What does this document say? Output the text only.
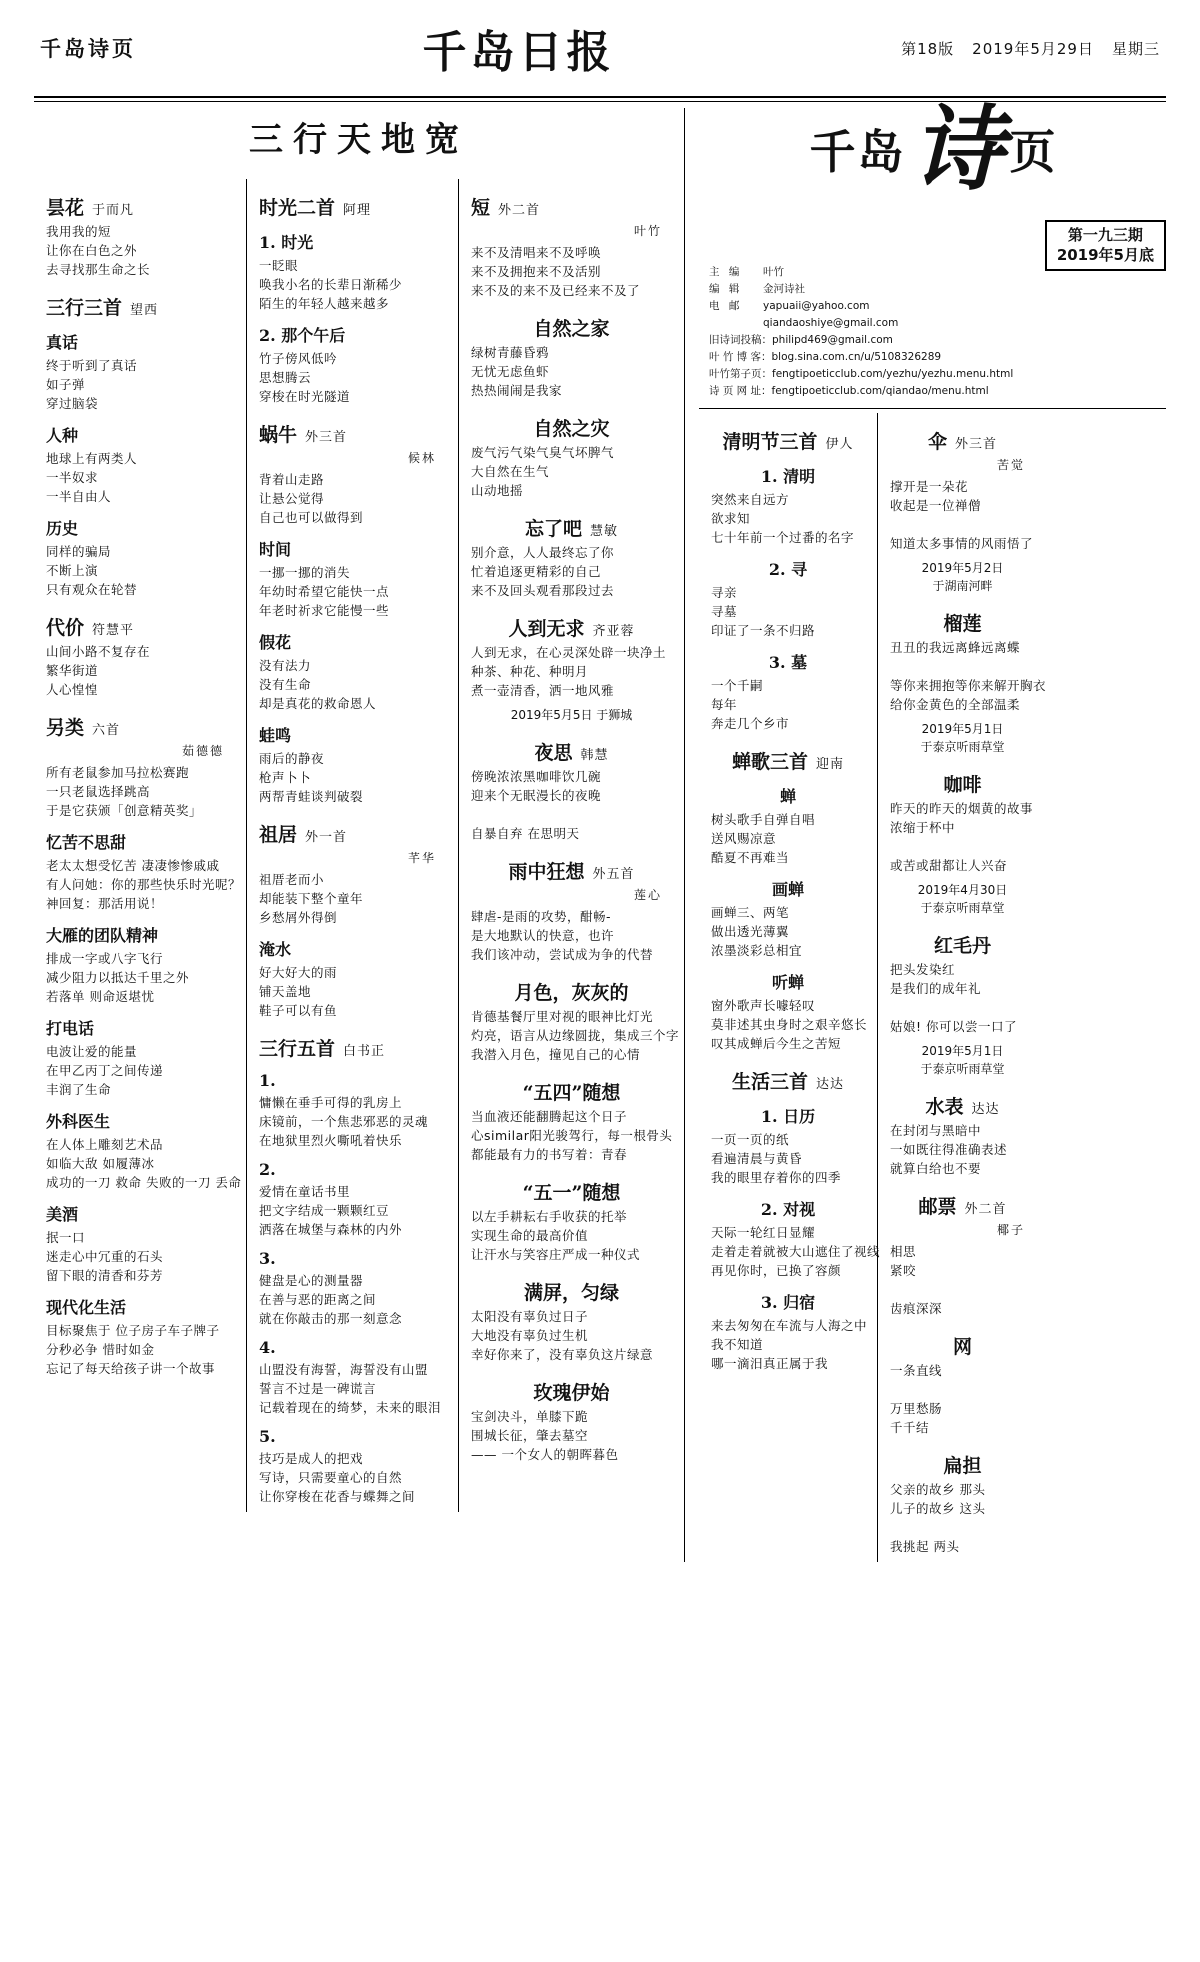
千岛诗页	千岛日报	第18版 2019年5月29日 星期三
三行天地宽
昙花 于而凡
我用我的短
让你在白色之外
去寻找那生命之长
三行三首 望西
真话
终于听到了真话
如子弹
穿过脑袋
人种
地球上有两类人
一半奴求
一半自由人
历史
同样的骗局
不断上演
只有观众在轮替
代价 符慧平
山间小路不复存在
繁华街道
人心惶惶
另类 六首
茹德德
所有老鼠参加马拉松赛跑
一只老鼠选择跳高
于是它获颁「创意精英奖」
忆苦不思甜
老太太想受忆苦 凄凄惨惨戚戚
有人问她：你的那些快乐时光呢？
神回复：那活用说！
大雁的团队精神
排成一字或八字飞行
减少阻力以抵达千里之外
若落单 则命返堪忧
打电话
电波让爱的能量
在甲乙丙丁之间传递
丰润了生命
外科医生
在人体上雕刻艺术品
如临大敌 如履薄冰
成功的一刀 救命 失败的一刀 丢命
美酒
抿一口
迷走心中冗重的石头
留下眼的清香和芬芳
现代化生活
目标聚焦于 位子房子车子牌子
分秒必争 惜时如金
忘记了每天给孩子讲一个故事
时光二首 阿理
1. 时光
一眨眼
唤我小名的长辈日渐稀少
陌生的年轻人越来越多
2. 那个午后
竹子傍风低吟
思想腾云
穿梭在时光隧道
蜗牛 外三首
候林
背着山走路
让悬公觉得
自己也可以做得到
时间
一挪一挪的消失
年幼时希望它能快一点
年老时祈求它能慢一些
假花
没有法力
没有生命
却是真花的救命恩人
蛙鸣
雨后的静夜
枪声卜卜
两帮青蛙谈判破裂
祖居 外一首
芊华
祖厝老而小
却能装下整个童年
乡愁屑外得倒
淹水
好大好大的雨
铺天盖地
鞋子可以有鱼
三行五首 白书正
1.
慵懒在垂手可得的乳房上
床镜前，一个焦悲邪恶的灵魂
在地狱里烈火嘶吼着快乐
2.
爱情在童话书里
把文字结成一颗颗红豆
洒落在城堡与森林的内外
3.
健盘是心的测量器
在善与恶的距离之间
就在你敲击的那一刻意念
4.
山盟没有海誓，海誓没有山盟
誓言不过是一碑谎言
记载着现在的绮梦，未来的眼泪
5.
技巧是成人的把戏
写诗，只需要童心的自然
让你穿梭在花香与蝶舞之间
短 外二首
叶竹
来不及清唱来不及呼唤
来不及拥抱来不及活别
来不及的来不及已经来不及了
自然之家
绿树青藤昏鸦
无忧无虑鱼虾
热热闹闹是我家
自然之灾
废气污气染气臭气坏脾气
大自然在生气
山动地摇
忘了吧 慧敏
别介意，人人最终忘了你
忙着追逐更精彩的自己
来不及回头观看那段过去
人到无求 齐亚蓉
人到无求，在心灵深处辟一块净土
种茶、种花、种明月
煮一壶清香，洒一地风雅
2019年5月5日 于狮城
夜思 韩慧
傍晚浓浓黑咖啡饮几碗
迎来个无眠漫长的夜晚

自暴自弃 在思明天
雨中狂想 外五首
莲心
肆虐-是雨的攻势，酣畅-
是大地默认的快意，也许
我们该冲动，尝试成为争的代替
月色，灰灰的
肯德基餐厅里对视的眼神比灯光
灼亮，语言从边缘圆拢，集成三个字
我潜入月色，撞见自己的心情
“五四”随想
当血液还能翻腾起这个日子
心similar阳光骏驾行，每一根骨头
都能最有力的书写着：青春
“五一”随想
以左手耕耘右手收获的托举
实现生命的最高价值
让汗水与笑容庄严成一种仪式
满屏，匀绿
太阳没有辜负过日子
大地没有辜负过生机
幸好你来了，没有辜负这片绿意
玫瑰伊始
宝剑决斗，单膝下跪
围城长征，肇去墓空
—— 一个女人的朝晖暮色
千岛 诗 页
第一九三期
2019年5月底
主 编	叶竹
编 辑	金河诗社
电 邮	yapuaii@yahoo.com
qiandaoshiye@gmail.com
旧诗词投稿：philipd469@gmail.com
叶 竹 博 客：blog.sina.com.cn/u/5108326289
叶竹第子页：fengtipoeticclub.com/yezhu/yezhu.menu.html
诗 页 网 址：fengtipoeticclub.com/qiandao/menu.html
清明节三首 伊人
1. 清明
突然来自远方
欲求知
七十年前一个过番的名字
2. 寻
寻亲
寻墓
印证了一条不归路
3. 墓
一个千嗣
每年
奔走几个乡市
蝉歌三首 迎南
蝉
树头歌手自弹自唱
送风赐凉意
酷夏不再难当
画蝉
画蝉三、两笔
做出透光薄翼
浓墨淡彩总相宜
听蝉
窗外歌声长噱轻叹
莫非述其虫身时之艰辛悠长
叹其成蝉后今生之苦短
生活三首 达达
1. 日历
一页一页的纸
看遍清晨与黄昏
我的眼里存着你的四季
2. 对视
天际一轮红日显耀
走着走着就被大山遮住了视线
再见你时，已换了容颜
3. 归宿
来去匆匆在车流与人海之中
我不知道
哪一滴汨真正属于我
伞 外三首
苦觉
撑开是一朵花
收起是一位禅僧

知道太多事情的风雨悟了
2019年5月2日
于湖南河畔
榴莲
丑丑的我远离蜂远离蝶

等你来拥抱等你来解开胸衣
给你金黄色的全部温柔
2019年5月1日
于泰京听雨草堂
咖啡
昨天的昨天的烟黄的故事
浓缩于杯中

或苦或甜都让人兴奋
2019年4月30日
于泰京听雨草堂
红毛丹
把头发染红
是我们的成年礼

姑娘! 你可以尝一口了
2019年5月1日
于泰京听雨草堂
水表 达达
在封闭与黑暗中
一如既往得准确表述
就算白给也不要
邮票 外二首
椰子
相思
紧咬

齿痕深深
网
一条直线

万里愁肠
千千结
扁担
父亲的故乡 那头
儿子的故乡 这头

我挑起 两头
